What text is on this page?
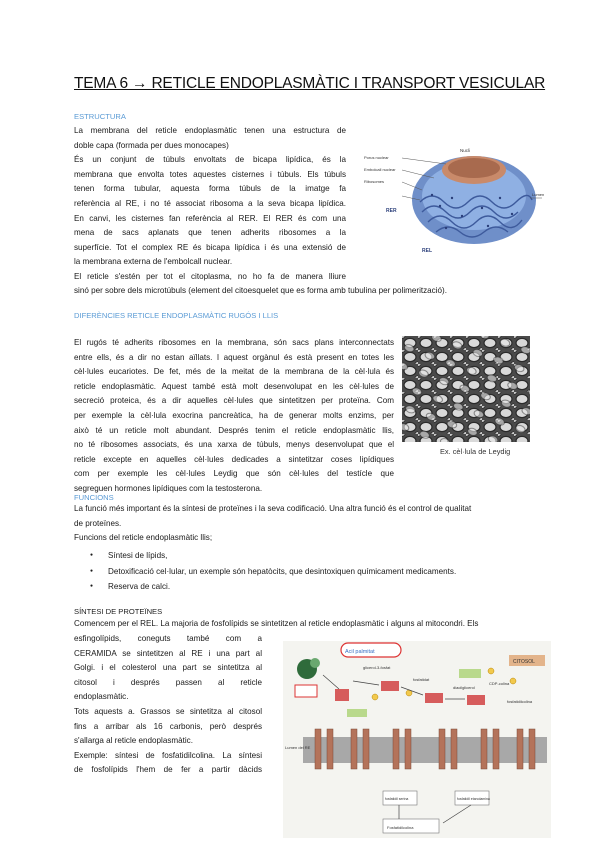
TEMA 6 → RETICLE ENDOPLASMÀTIC I TRANSPORT VESICULAR
ESTRUCTURA
La membrana del reticle endoplasmàtic tenen una estructura de
doble capa (formada per dues monocapes)
És un conjunt de túbuls envoltats de bicapa lipídica, és la
membrana que envolta totes aquestes cisternes i túbuls. Els túbuls
tenen forma tubular, aquesta forma túbuls de la imatge fa
referència al RE, i no té associat ribosoma a la seva bicapa lipídica.
En canvi, les cisternes fan referència al RER. El RER és com una
mena de sacs aplanats que tenen adherits ribosomes a la
superfície. Tot el complex RE és bicapa lipídica i és una extensió de
la membrana externa de l'embolcall nuclear.
El reticle s'estén per tot el citoplasma, no ho fa de manera lliure
sinó per sobre dels microtúbuls (element del citoesquelet que es forma amb tubulina per polimerització).
Nucli
Porus nuclear
Embolcall nuclear
Ribosomes
RER
REL
Lumen
DIFERÈNCIES RETICLE ENDOPLASMÀTIC RUGÓS I LLIS
El rugós té adherits ribosomes en la membrana, són sacs plans interconnectats
entre ells, és a dir no estan aïllats. I aquest orgànul és està present en totes les
cèl·lules eucariotes. De fet, més de la meitat de la membrana de la cèl·lula és
reticle endoplasmàtic. Aquest també està molt desenvolupat en les cèl·lules de
secreció proteica, és a dir aquelles cèl·lules que sintetitzen per proteïna. Com
per exemple la cèl·lula exocrina pancreàtica, ha de generar molts enzims, per
això té un reticle molt abundant. Després tenim el reticle endoplasmàtic llis,
no té ribosomes associats, és una xarxa de túbuls, menys desenvolupat que el
reticle excepte en aquelles cèl·lules dedicades a sintetitzar coses lipídiques
com per exemple les cèl·lules Leydig que són cèl·lules del testícle que
segreguen hormones lipídiques com la testosterona.
Ex. cèl·lula de Leydig
FUNCIONS
La funció més important és la síntesi de proteïnes i la seva codificació. Una altra funció és el control de qualitat
de proteïnes.
Funcions del reticle endoplasmàtic llis;
● Síntesi de lípids,
● Detoxificació cel·lular, un exemple són hepatòcits, que desintoxiquen químicament medicaments.
● Reserva de calci.
SÍNTESI DE PROTEÏNES
Comencem per el REL. La majoria de fosfolípids se sintetitzen al reticle endoplasmàtic i alguns al mitocondri. Els
esfingolípids, coneguts també com a
CERAMIDA se sintetitzen al RE i una part al
Golgi. i el colesterol una part se sintetitza al
citosol i després passen al reticle
endoplasmàtic.
Tots aquests a. Grassos se sintetitza al citosol
fins a arribar als 16 carbonis, però després
s'allarga al reticle endoplasmàtic.
Exemple: síntesi de fosfatidilcolina. La síntesi
de fosfolípids l'hem de fer a partir dàcids
Acil palmitat
CITOSOL
glicerol-3-fosfat
fosfatidat
diacilglicerol
CDP-colina
fosfatidilcolina
Lumen del RE
fosfatidil serina	fosfatidil etanolamina
Fosfatidilcolina
